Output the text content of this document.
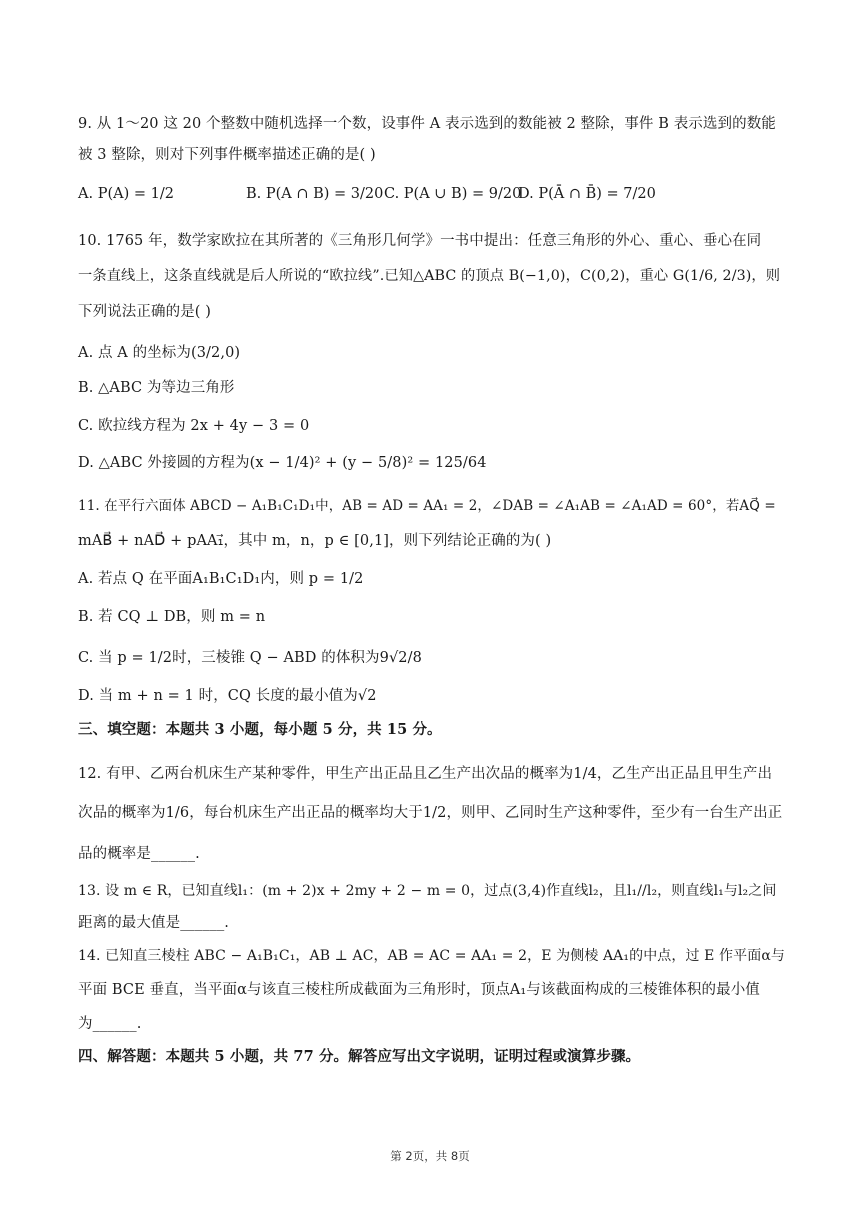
9. 从 1～20 这 20 个整数中随机选择一个数，设事件 A 表示选到的数能被 2 整除，事件 B 表示选到的数能
被 3 整除，则对下列事件概率描述正确的是( )
A. P(A) = 1/2	B. P(A ∩ B) = 3/20 C. P(A ∪ B) = 9/20
D. P(Ā ∩ B̄) = 7/20
10. 1765 年，数学家欧拉在其所著的《三角形几何学》一书中提出：任意三角形的外心、重心、垂心在同
一条直线上，这条直线就是后人所说的“欧拉线”.已知△ABC 的顶点 B(−1,0)，C(0,2)，重心 G(1/6, 2/3)，则
下列说法正确的是( )
A. 点 A 的坐标为(3/2,0)
B. △ABC 为等边三角形
C. 欧拉线方程为 2x + 4y − 3 = 0
D. △ABC 外接圆的方程为(x − 1/4)² + (y − 5/8)² = 125/64
11. 在平行六面体 ABCD − A₁B₁C₁D₁中，AB = AD = AA₁ = 2，∠DAB = ∠A₁AB = ∠A₁AD = 60°，若AQ⃗ =
mAB⃗ + nAD⃗ + pAA₁⃗，其中 m，n，p ∈ [0,1]，则下列结论正确的为( )
A. 若点 Q 在平面A₁B₁C₁D₁内，则 p = 1/2
B. 若 CQ ⊥ DB，则 m = n
C. 当 p = 1/2时，三棱锥 Q − ABD 的体积为9√2/8
D. 当 m + n = 1 时，CQ 长度的最小值为√2
三、填空题：本题共 3 小题，每小题 5 分，共 15 分。
12. 有甲、乙两台机床生产某种零件，甲生产出正品且乙生产出次品的概率为1/4，乙生产出正品且甲生产出
次品的概率为1/6，每台机床生产出正品的概率均大于1/2，则甲、乙同时生产这种零件，至少有一台生产出正
品的概率是______.
13. 设 m ∈ R，已知直线l₁：(m + 2)x + 2my + 2 − m = 0，过点(3,4)作直线l₂，且l₁//l₂，则直线l₁与l₂之间
距离的最大值是______.
14. 已知直三棱柱 ABC − A₁B₁C₁，AB ⊥ AC，AB = AC = AA₁ = 2，E 为侧棱 AA₁的中点，过 E 作平面α与
平面 BCE 垂直，当平面α与该直三棱柱所成截面为三角形时，顶点A₁与该截面构成的三棱锥体积的最小值
为______.
四、解答题：本题共 5 小题，共 77 分。解答应写出文字说明，证明过程或演算步骤。
第 2页，共 8页
